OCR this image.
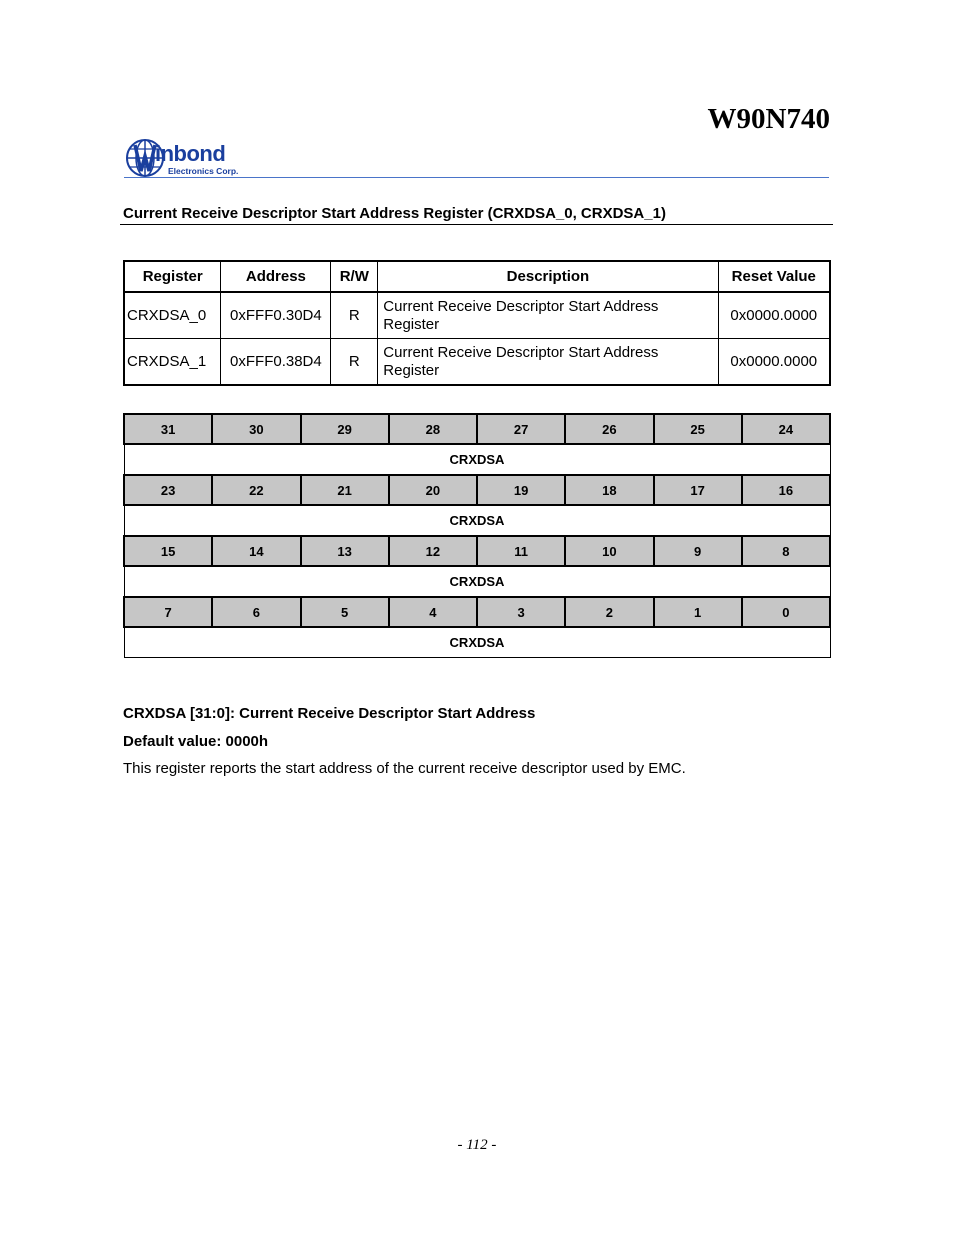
W90N740
inbond
Electronics Corp.
Current Receive Descriptor Start Address Register (CRXDSA_0, CRXDSA_1)
Register	Address	R/W	Description	Reset Value
CRXDSA_0	0xFFF0.30D4	R	Current Receive Descriptor Start Address Register	0x0000.0000
CRXDSA_1	0xFFF0.38D4	R	Current Receive Descriptor Start Address Register	0x0000.0000
31	30	29	28	27	26	25	24
CRXDSA							
23	22	21	20	19	18	17	16
CRXDSA							
15	14	13	12	11	10	9	8
CRXDSA							
7	6	5	4	3	2	1	0
CRXDSA							
CRXDSA [31:0]: Current Receive Descriptor Start Address
Default value: 0000h
This register reports the start address of the current receive descriptor used by EMC.
- 112 -
